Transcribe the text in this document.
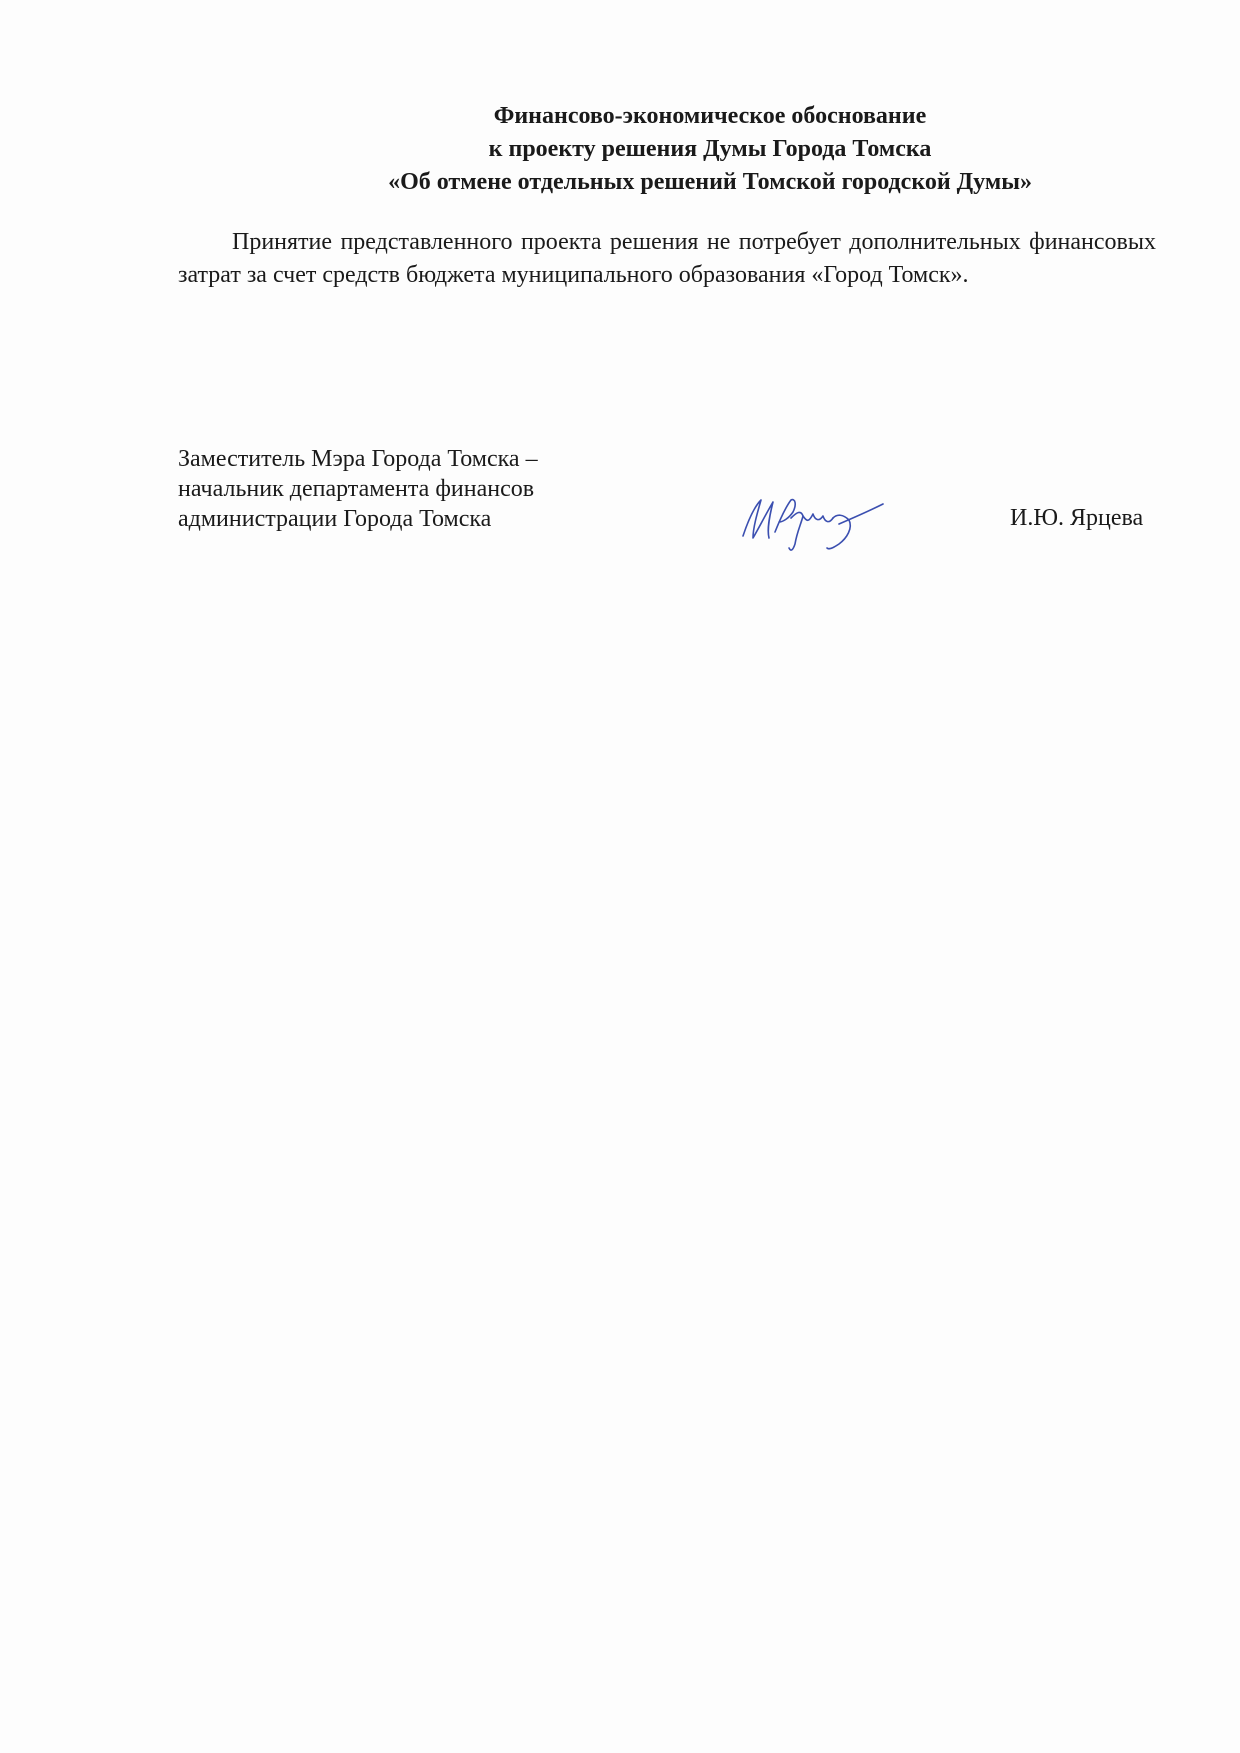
Финансово-экономическое обоснование
к проекту решения Думы Города Томска
«Об отмене отдельных решений Томской городской Думы»

Принятие представленного проекта решения не потребует дополнительных финансовых затрат за счет средств бюджета муниципального образования «Город Томск».

Заместитель Мэра Города Томска –
начальник департамента финансов
администрации Города Томска	И.Ю. Ярцева
